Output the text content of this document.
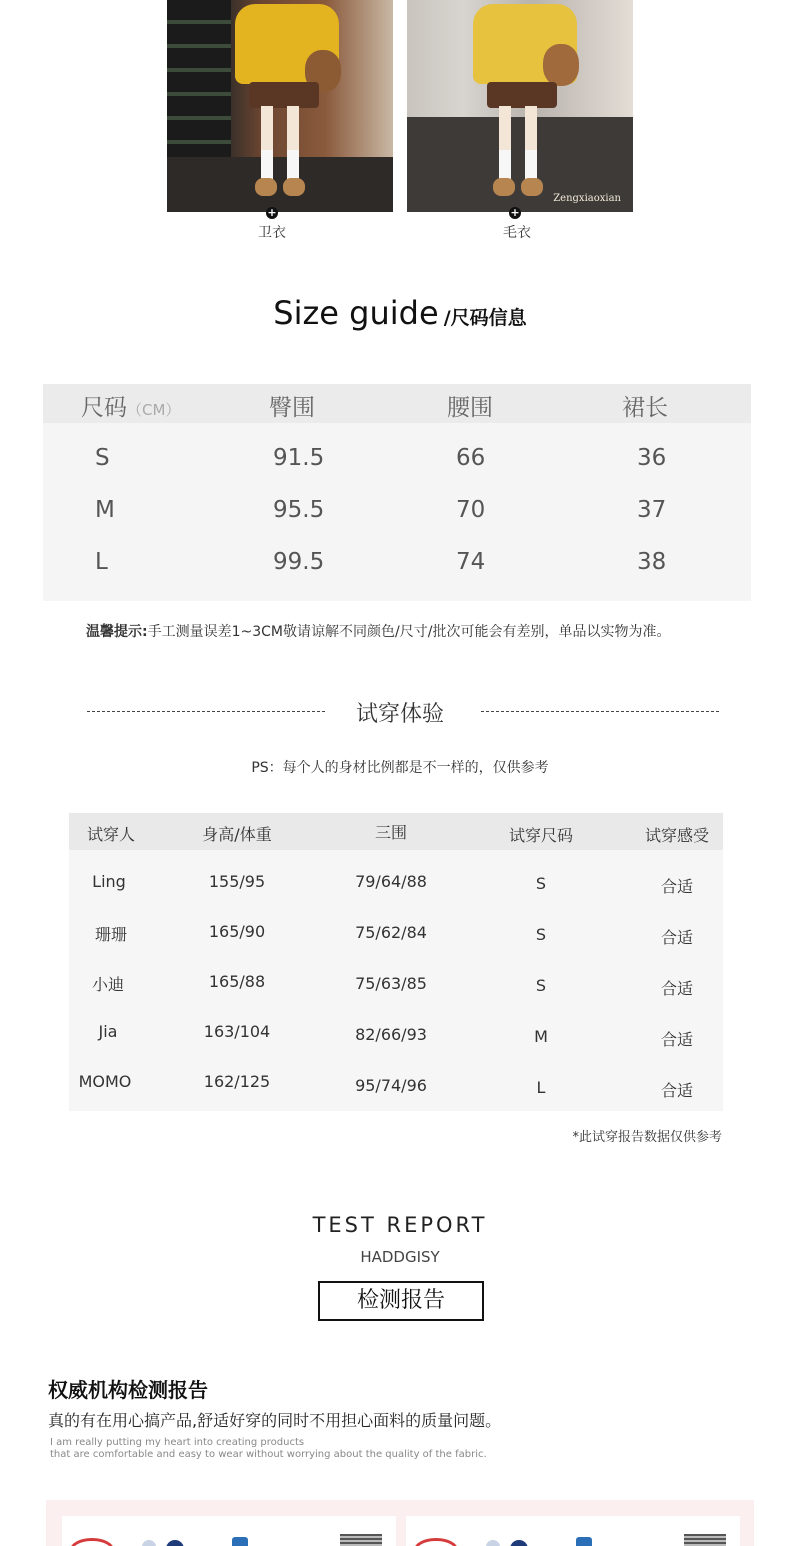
Zengxiaoxian
+	+
卫衣	毛衣
Size guide /尺码信息
尺码（CM）	臀围	腰围	裙长
S	91.5	66	36
M	95.5	70	37
L	99.5	74	38
温馨提示:手工测量误差1~3CM敬请谅解不同颜色/尺寸/批次可能会有差别，单品以实物为准。
试穿体验
PS：每个人的身材比例都是不一样的，仅供参考
试穿人	身高/体重	三围	试穿尺码	试穿感受
Ling	155/95	79/64/88	S	合适
珊珊	165/90	75/62/84	S	合适
小迪	165/88	75/63/85	S	合适
Jia	163/104	82/66/93	M	合适
MOMO	162/125	95/74/96	L	合适
*此试穿报告数据仅供参考
TEST REPORT
HADDGISY
检测报告
权威机构检测报告
真的有在用心搞产品,舒适好穿的同时不用担心面料的质量问题。
I am really putting my heart into creating products
that are comfortable and easy to wear without worrying about the quality of the fabric.
